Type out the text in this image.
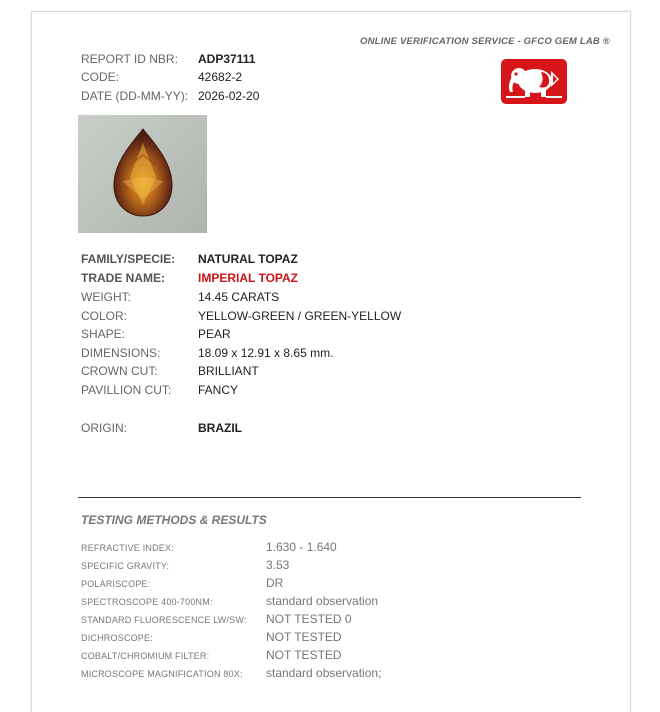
ONLINE VERIFICATION SERVICE - GFCO GEM LAB ®
REPORT ID NBR: ADP37111
CODE:	42682-2
DATE (DD-MM-YY): 2026-02-20
FAMILY/SPECIE: NATURAL TOPAZ
TRADE NAME:	IMPERIAL TOPAZ
WEIGHT:	14.45 CARATS
COLOR:	YELLOW-GREEN / GREEN-YELLOW
SHAPE:	PEAR
DIMENSIONS:	18.09 x 12.91 x 8.65 mm.
CROWN CUT:	BRILLIANT
PAVILLION CUT: FANCY
ORIGIN:	BRAZIL
TESTING METHODS & RESULTS
REFRACTIVE INDEX:	1.630 - 1.640
SPECIFIC GRAVITY:	3.53
POLARISCOPE:	DR
SPECTROSCOPE 400-700NM:	standard observation
STANDARD FLUORESCENCE LW/SW: NOT TESTED 0
DICHROSCOPE:	NOT TESTED
COBALT/CHROMIUM FILTER:	NOT TESTED
MICROSCOPE MAGNIFICATION 80X: standard observation;
